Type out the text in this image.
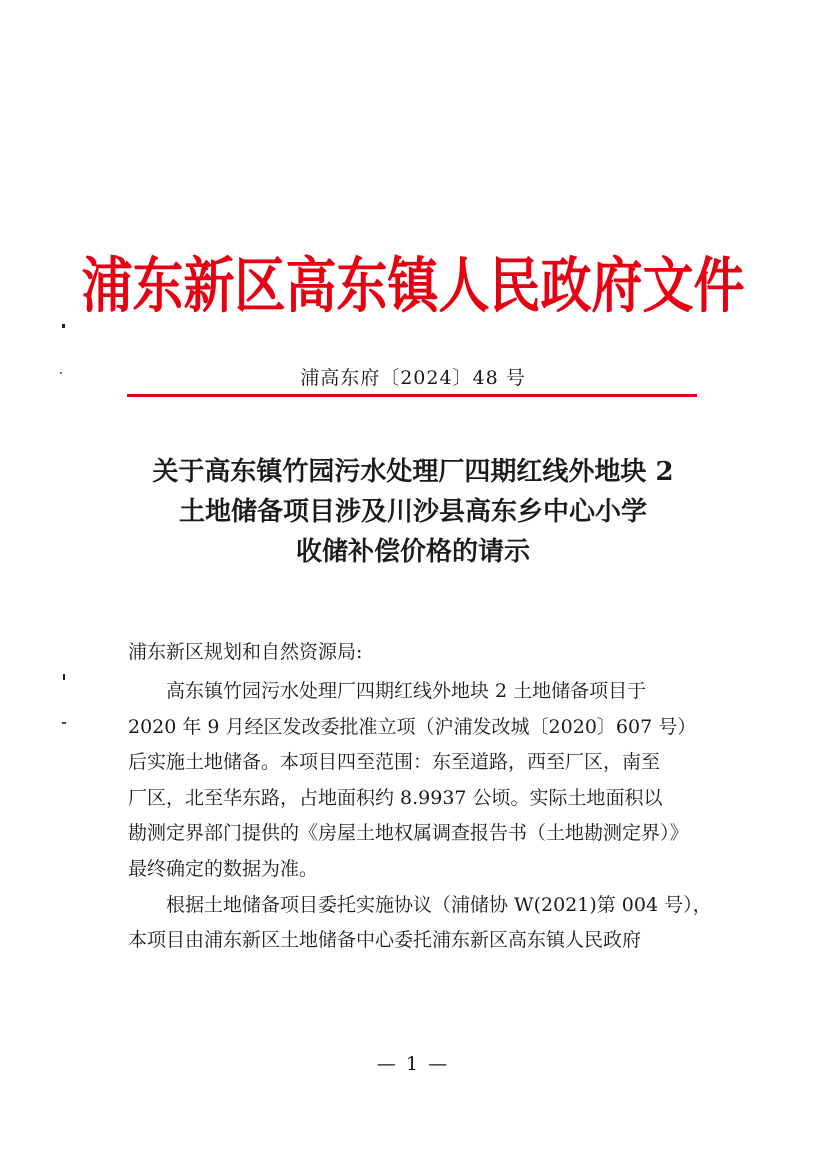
浦东新区高东镇人民政府文件
浦高东府〔2024〕48 号
关于高东镇竹园污水处理厂四期红线外地块 2
土地储备项目涉及川沙县高东乡中心小学
收储补偿价格的请示
浦东新区规划和自然资源局:
高东镇竹园污水处理厂四期红线外地块 2 土地储备项目于
2020 年 9 月经区发改委批准立项（沪浦发改城〔2020〕607 号）
后实施土地储备。本项目四至范围：东至道路，西至厂区，南至
厂区，北至华东路，占地面积约 8.9937 公顷。实际土地面积以
勘测定界部门提供的《房屋土地权属调查报告书（土地勘测定界）》
最终确定的数据为准。
根据土地储备项目委托实施协议（浦储协 W(2021)第 004 号），
本项目由浦东新区土地储备中心委托浦东新区高东镇人民政府
— 1 —
